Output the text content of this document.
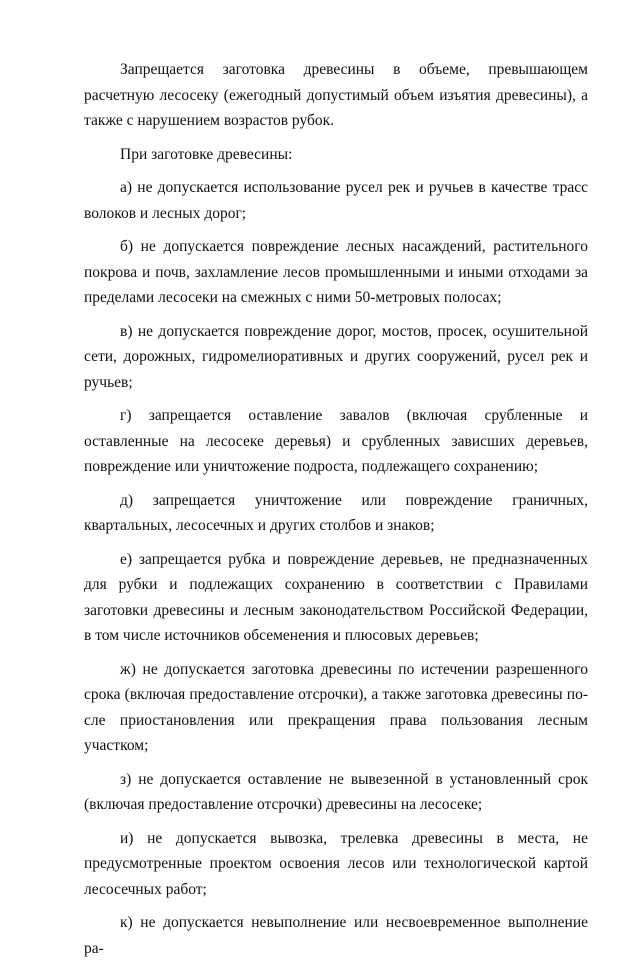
Запрещается заготовка древесины в объеме, превышающем расчетную лесосеку (ежегодный допустимый объем изъятия древесины), а также с нарушением возрастов рубок.

При заготовке древесины:

а) не допускается использование русел рек и ручьев в качестве трасс волоков и лесных дорог;

б) не допускается повреждение лесных насаждений, растительного покрова и почв, захламление лесов промышленными и иными отходами за пределами лесосеки на смежных с ними 50-метровых полосах;

в) не допускается повреждение дорог, мостов, просек, осушительной сети, дорожных, гидромелиоративных и других сооружений, русел рек и ручьев;

г) запрещается оставление завалов (включая срубленные и оставленные на лесосеке деревья) и срубленных зависших деревьев, повреждение или уничтожение подроста, подлежащего сохранению;

д) запрещается уничтожение или повреждение граничных, квартальных, лесосечных и других столбов и знаков;

е) запрещается рубка и повреждение деревьев, не предназначенных для рубки и подлежащих сохранению в соответствии с Правилами заготовки древесины и лесным законодательством Российской Федерации, в том числе источников обсеменения и плюсовых деревьев;

ж) не допускается заготовка древесины по истечении разрешенного срока (включая предоставление отсрочки), а также заготовка древесины после приостановления или прекращения права пользования лесным участком;

з) не допускается оставление не вывезенной в установленный срок (включая предоставление отсрочки) древесины на лесосеке;

и) не допускается вывозка, трелевка древесины в места, не предусмотренные проектом освоения лесов или технологической картой лесосечных работ;

к) не допускается невыполнение или несвоевременное выполнение ра-
